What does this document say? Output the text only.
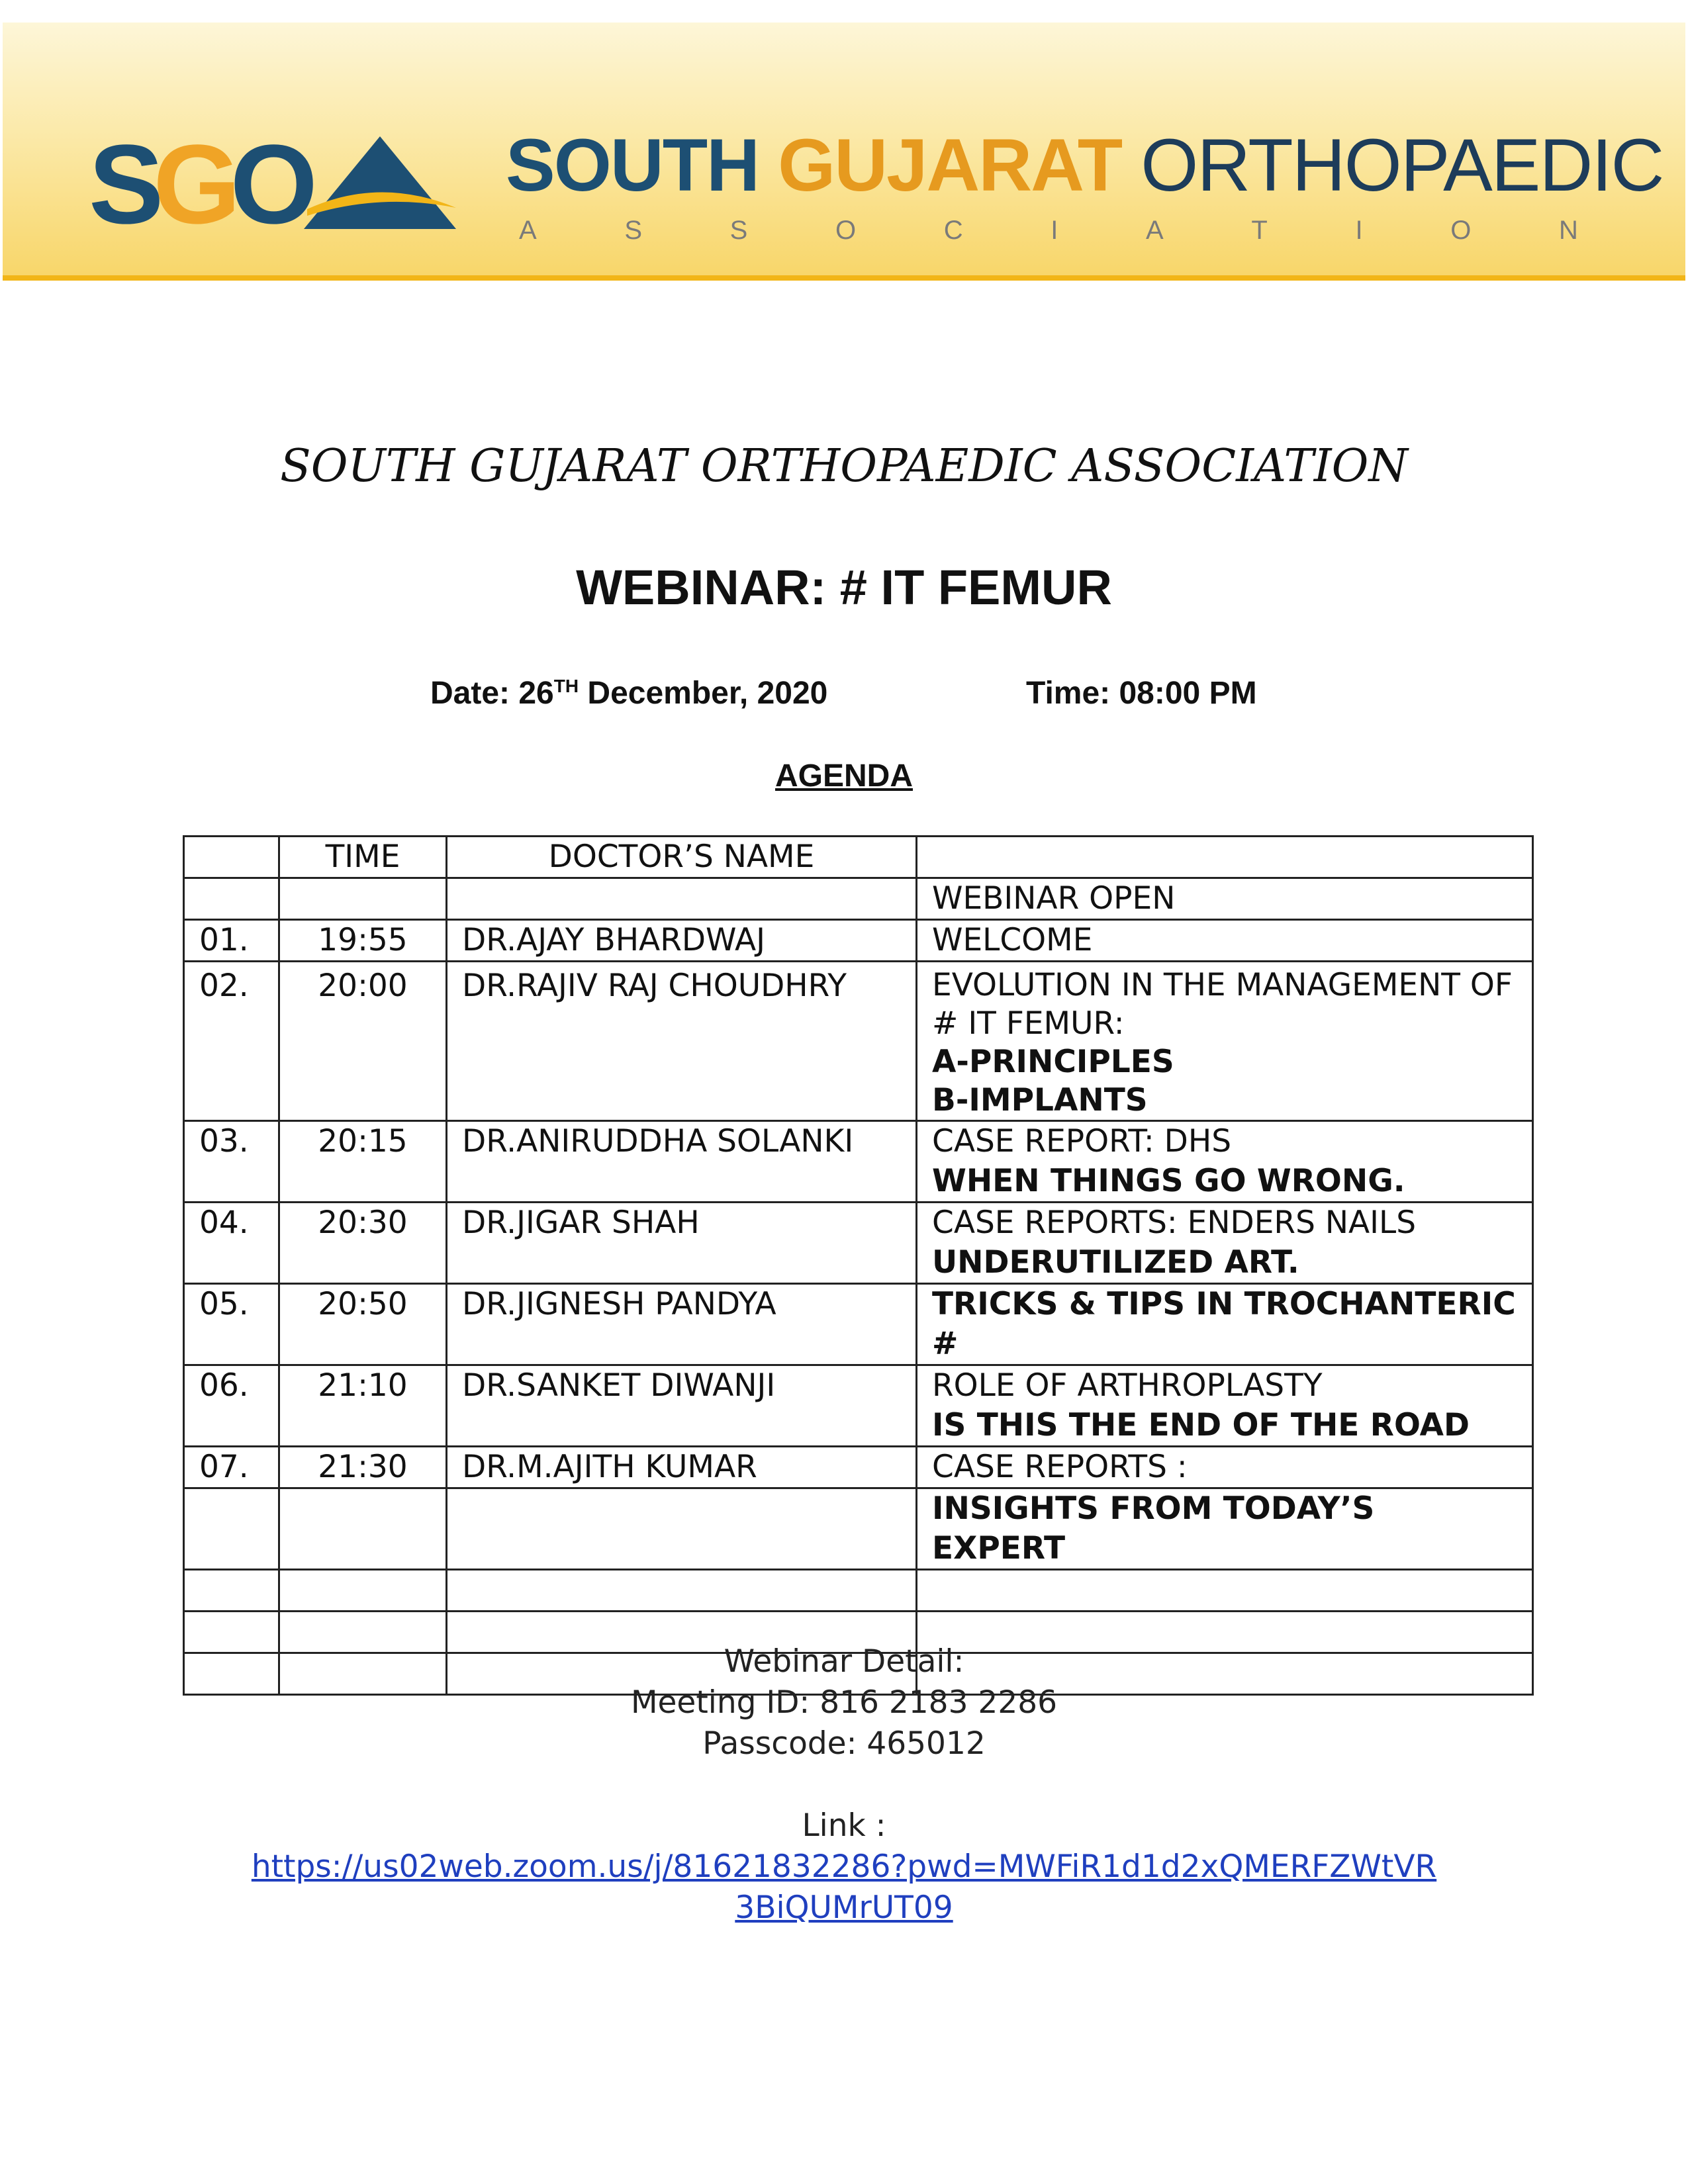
SGO	SOUTH GUJARAT ORTHOPAEDIC
A	S	S	O	C	I	A	T	I	O	N
SOUTH GUJARAT ORTHOPAEDIC ASSOCIATION
WEBINAR: # IT FEMUR
Date: 26TH December, 2020	Time: 08:00 PM
AGENDA
	TIME	DOCTOR’S NAME	
			WEBINAR OPEN
01.	19:55	DR.AJAY BHARDWAJ	WELCOME
02.	20:00	DR.RAJIV RAJ CHOUDHRY	EVOLUTION IN THE MANAGEMENT OF # IT FEMUR:
A-PRINCIPLES
B-IMPLANTS

03.	20:15	DR.ANIRUDDHA SOLANKI	CASE REPORT: DHS
WHEN THINGS GO WRONG.

04.	20:30	DR.JIGAR SHAH	CASE REPORTS: ENDERS NAILS
UNDERUTILIZED ART.

05.	20:50	DR.JIGNESH PANDYA	TRICKS & TIPS IN TROCHANTERIC #

06.	21:10	DR.SANKET DIWANJI	ROLE OF ARTHROPLASTY
IS THIS THE END OF THE ROAD

07.	21:30	DR.M.AJITH KUMAR	CASE REPORTS :

			INSIGHTS FROM TODAY’S EXPERT

Webinar Detail:
Meeting ID: 816 2183 2286
Passcode: 465012
Link :
https://us02web.zoom.us/j/81621832286?pwd=MWFiR1d1d2xQMERFZWtVR
3BiQUMrUT09
